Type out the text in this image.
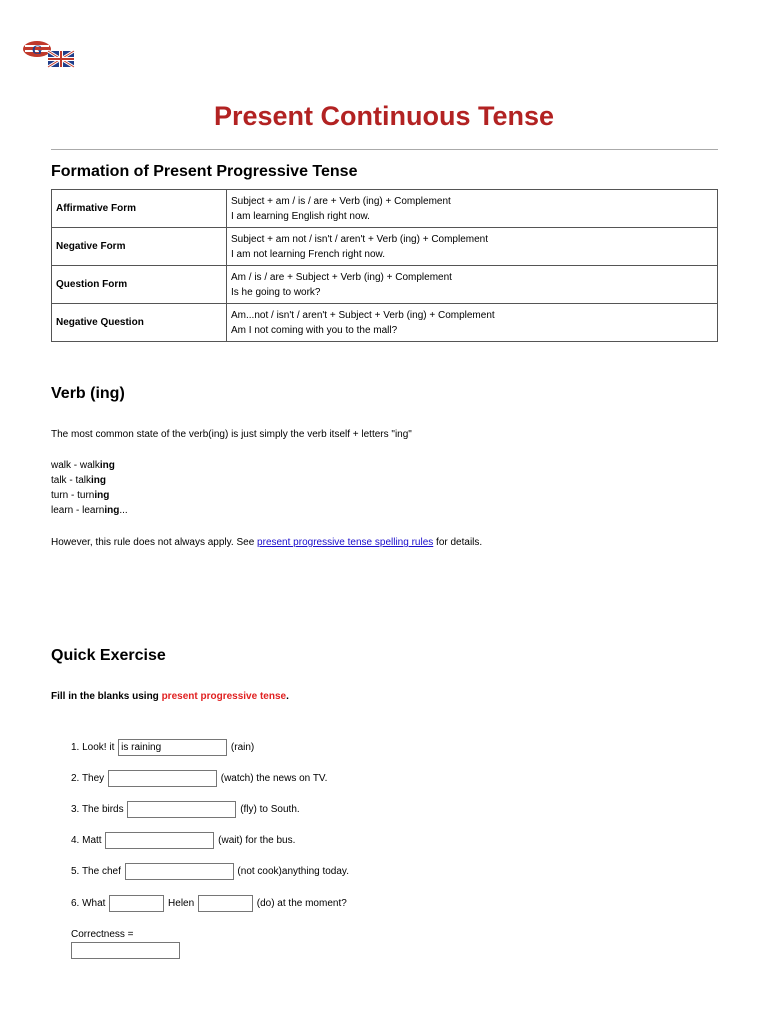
G
Present Continuous Tense
Formation of Present Progressive Tense
Affirmative Form	Subject + am / is / are + Verb (ing) + Complement
I am learning English right now.

Negative Form	Subject + am not / isn't / aren't + Verb (ing) + Complement
I am not learning French right now.

Question Form	Am / is / are + Subject + Verb (ing) + Complement
Is he going to work?

Negative Question	Am...not / isn't / aren't + Subject + Verb (ing) + Complement
Am I not coming with you to the mall?
Verb (ing)

The most common state of the verb(ing) is just simply the verb itself + letters "ing"

walk - walking
talk - talking
turn - turning
learn - learning...

However, this rule does not always apply. See present progressive tense spelling rules for details.

Quick Exercise

Fill in the blanks using present progressive tense.

1. Look! it is raining	(rain)
2. They	(watch) the news on TV.
3. The birds	(fly) to South.
4. Matt	(wait) for the bus.
5. The chef	(not cook)anything today.
6. What	Helen	(do) at the moment?
Correctness =
